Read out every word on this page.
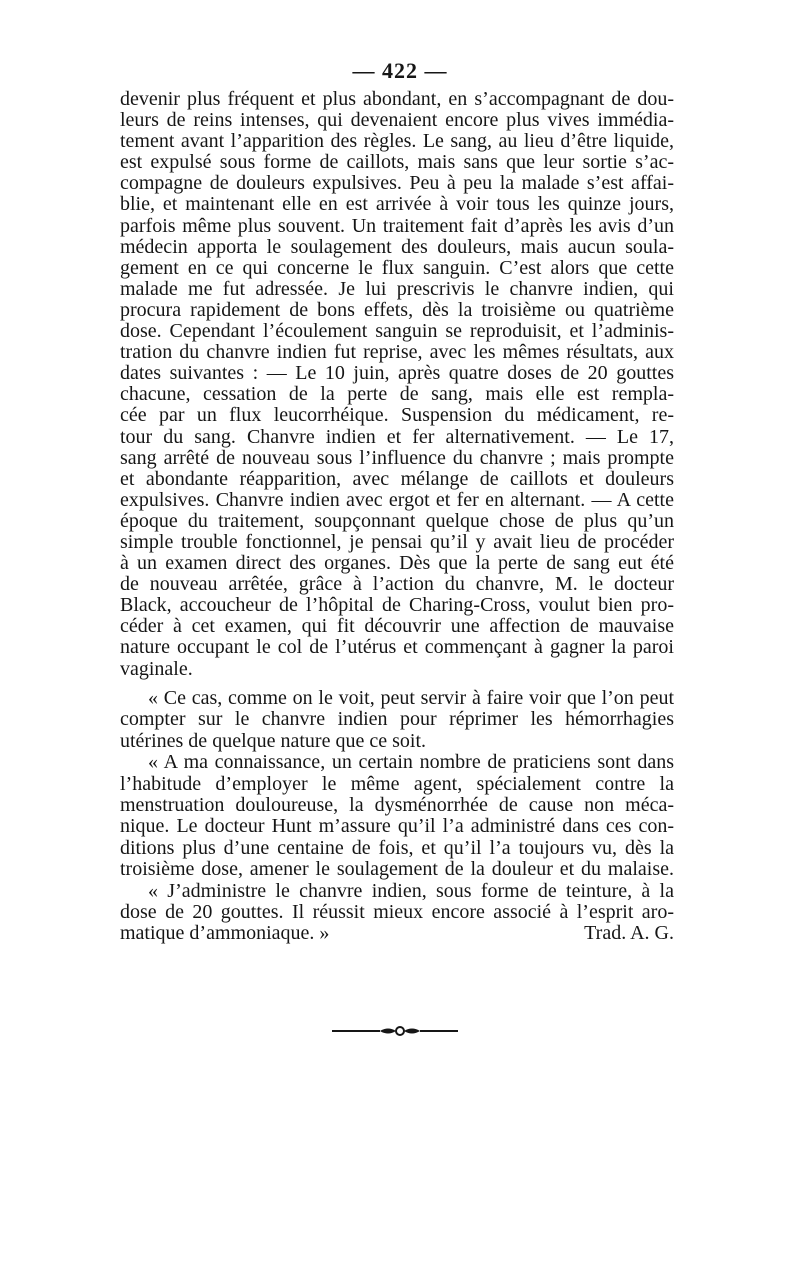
— 422 —
devenir plus fréquent et plus abondant, en s’accompagnant de dou-
leurs de reins intenses, qui devenaient encore plus vives immédia-
tement avant l’apparition des règles. Le sang, au lieu d’être liquide,
est expulsé sous forme de caillots, mais sans que leur sortie s’ac-
compagne de douleurs expulsives. Peu à peu la malade s’est affai-
blie, et maintenant elle en est arrivée à voir tous les quinze jours,
parfois même plus souvent. Un traitement fait d’après les avis d’un
médecin apporta le soulagement des douleurs, mais aucun soula-
gement en ce qui concerne le flux sanguin. C’est alors que cette
malade me fut adressée. Je lui prescrivis le chanvre indien, qui
procura rapidement de bons effets, dès la troisième ou quatrième
dose. Cependant l’écoulement sanguin se reproduisit, et l’adminis-
tration du chanvre indien fut reprise, avec les mêmes résultats, aux
dates suivantes : — Le 10 juin, après quatre doses de 20 gouttes
chacune, cessation de la perte de sang, mais elle est rempla-
cée par un flux leucorrhéique. Suspension du médicament, re-
tour du sang. Chanvre indien et fer alternativement. — Le 17,
sang arrêté de nouveau sous l’influence du chanvre ; mais prompte
et abondante réapparition, avec mélange de caillots et douleurs
expulsives. Chanvre indien avec ergot et fer en alternant. — A cette
époque du traitement, soupçonnant quelque chose de plus qu’un
simple trouble fonctionnel, je pensai qu’il y avait lieu de procéder
à un examen direct des organes. Dès que la perte de sang eut été
de nouveau arrêtée, grâce à l’action du chanvre, M. le docteur
Black, accoucheur de l’hôpital de Charing-Cross, voulut bien pro-
céder à cet examen, qui fit découvrir une affection de mauvaise
nature occupant le col de l’utérus et commençant à gagner la paroi
vaginale.
« Ce cas, comme on le voit, peut servir à faire voir que l’on peut
compter sur le chanvre indien pour réprimer les hémorrhagies
utérines de quelque nature que ce soit.
« A ma connaissance, un certain nombre de praticiens sont dans
l’habitude d’employer le même agent, spécialement contre la
menstruation douloureuse, la dysménorrhée de cause non méca-
nique. Le docteur Hunt m’assure qu’il l’a administré dans ces con-
ditions plus d’une centaine de fois, et qu’il l’a toujours vu, dès la
troisième dose, amener le soulagement de la douleur et du malaise.
« J’administre le chanvre indien, sous forme de teinture, à la
dose de 20 gouttes. Il réussit mieux encore associé à l’esprit aro-
matique d’ammoniaque. »	Trad. A. G.
